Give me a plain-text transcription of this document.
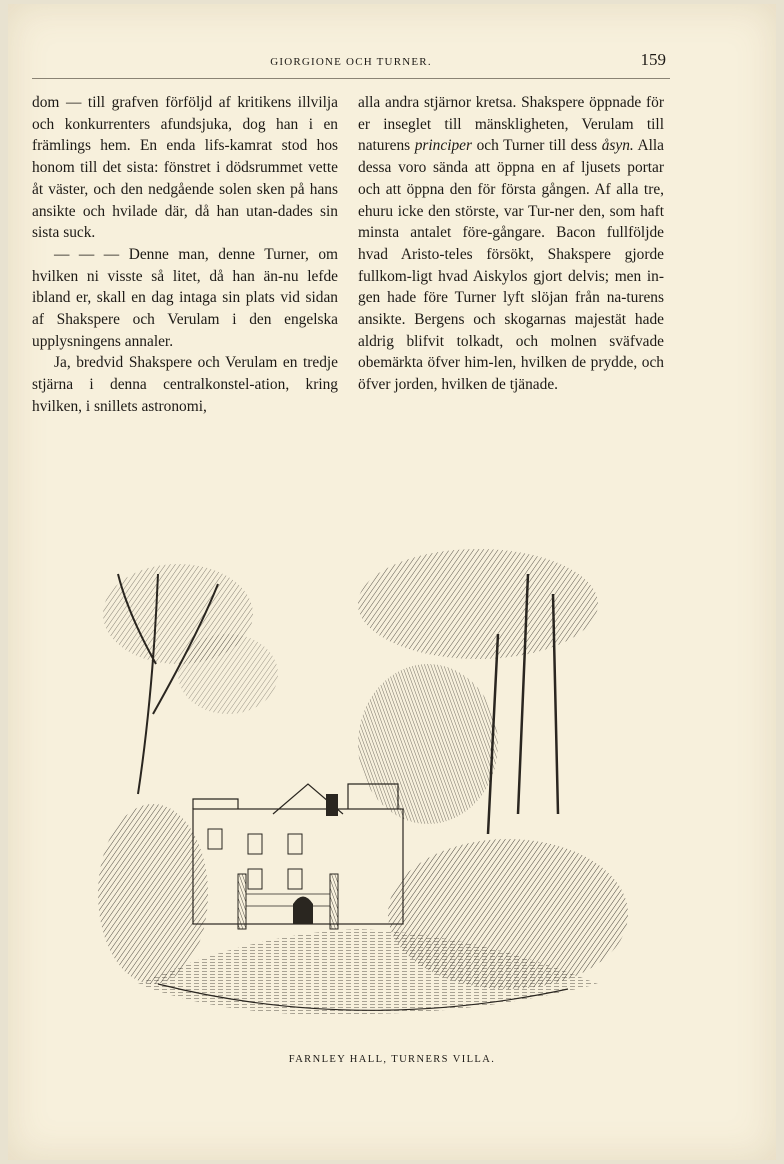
GIORGIONE OCH TURNER.	159

dom — till grafven förföljd af kritikens illvilja och konkurrenters afundsjuka, dog han i en främlings hem. En enda lifs-kamrat stod hos honom till det sista: fönstret i dödsrummet vette åt väster, och den nedgående solen sken på hans ansikte och hvilade där, då han utan-dades sin sista suck.

— — — Denne man, denne Turner, om hvilken ni visste så litet, då han än-nu lefde ibland er, skall en dag intaga sin plats vid sidan af Shakspere och Verulam i den engelska upplysningens annaler.

Ja, bredvid Shakspere och Verulam en tredje stjärna i denna centralkonstel-ation, kring hvilken, i snillets astronomi,

alla andra stjärnor kretsa. Shakspere öppnade för er inseglet till mänskligheten, Verulam till naturens principer och Turner till dess åsyn. Alla dessa voro sända att öppna en af ljusets portar och att öppna den för första gången. Af alla tre, ehuru icke den störste, var Tur-ner den, som haft minsta antalet före-gångare. Bacon fullföljde hvad Aristo-teles försökt, Shakspere gjorde fullkom-ligt hvad Aiskylos gjort delvis; men in-gen hade före Turner lyft slöjan från na-turens ansikte. Bergens och skogarnas majestät hade aldrig blifvit tolkadt, och molnen sväfvade obemärkta öfver him-len, hvilken de prydde, och öfver jorden, hvilken de tjänade.

FARNLEY HALL, TURNERS VILLA.
